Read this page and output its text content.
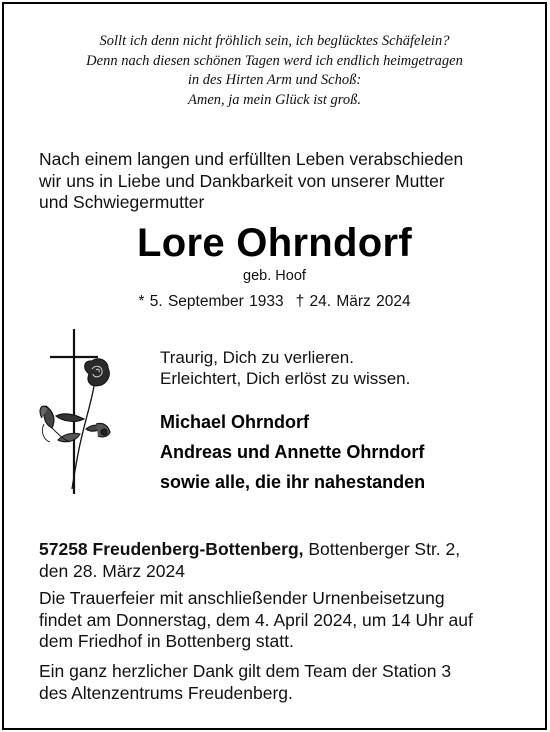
Sollt ich denn nicht fröhlich sein, ich beglücktes Schäfelein?
Denn nach diesen schönen Tagen werd ich endlich heimgetragen
in des Hirten Arm und Schoß:
Amen, ja mein Glück ist groß.
Nach einem langen und erfüllten Leben verabschieden
wir uns in Liebe und Dankbarkeit von unserer Mutter
und Schwiegermutter
Lore Ohrndorf
geb. Hoof
* 5. September 1933 † 24. März 2024
Traurig, Dich zu verlieren.
Erleichtert, Dich erlöst zu wissen.
Michael Ohrndorf
Andreas und Annette Ohrndorf
sowie alle, die ihr nahestanden
57258 Freudenberg-Bottenberg, Bottenberger Str. 2,
den 28. März 2024
Die Trauerfeier mit anschließender Urnenbeisetzung
findet am Donnerstag, dem 4. April 2024, um 14 Uhr auf
dem Friedhof in Bottenberg statt.
Ein ganz herzlicher Dank gilt dem Team der Station 3
des Altenzentrums Freudenberg.
